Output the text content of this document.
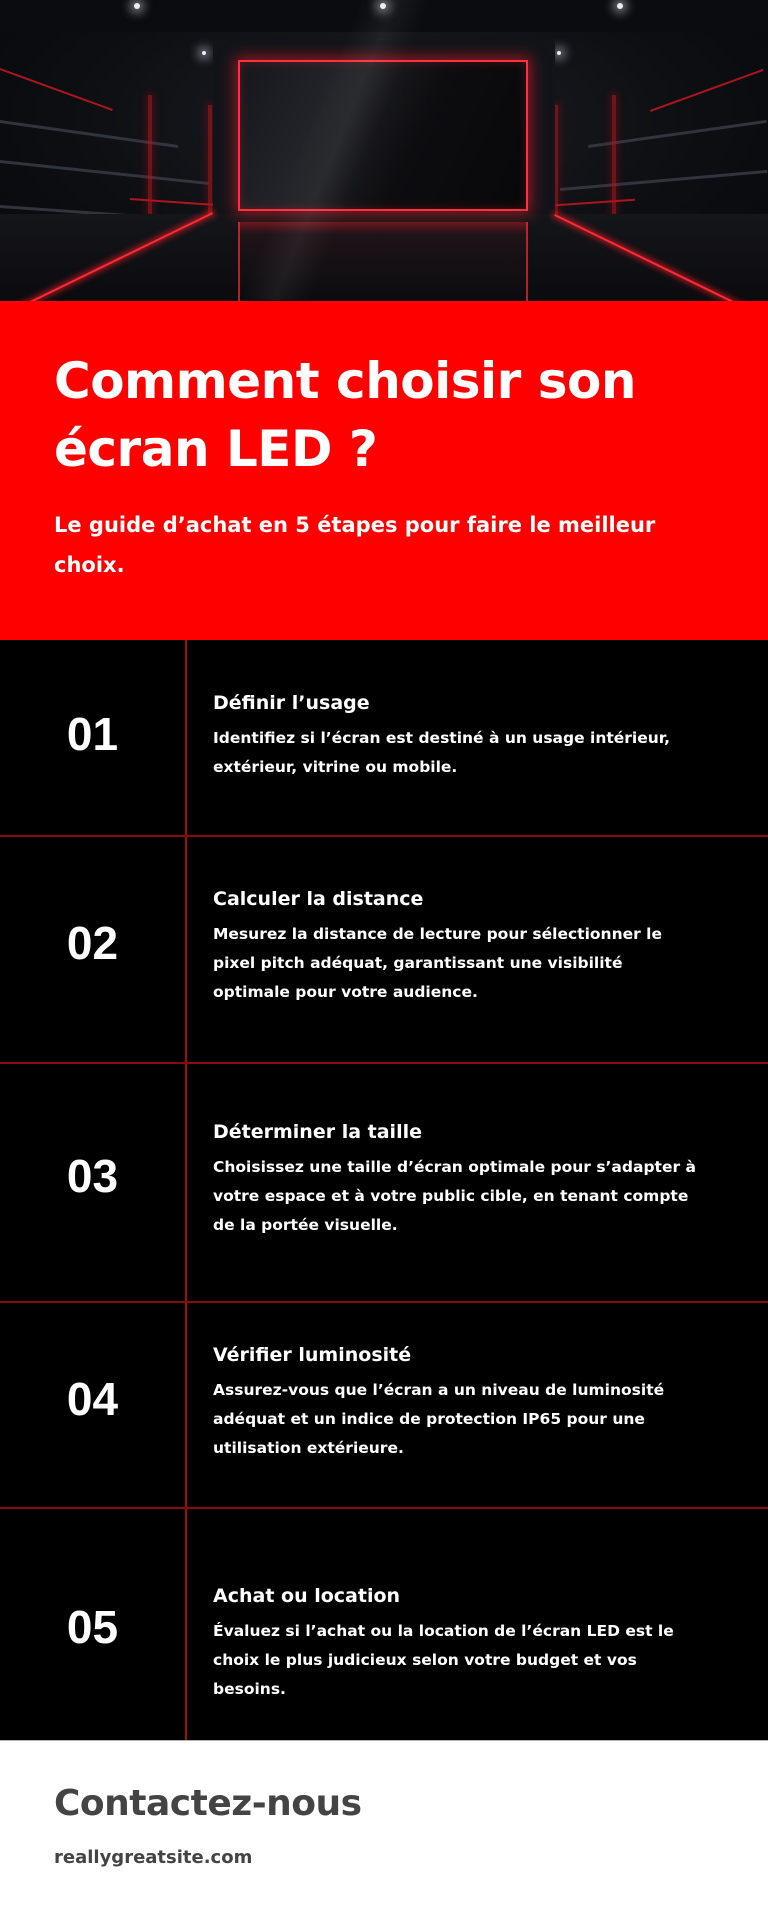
Comment choisir son
écran LED ?

Le guide d’achat en 5 étapes pour faire le meilleur choix.

01
Définir l’usage
Identifiez si l’écran est destiné à un usage intérieur, extérieur, vitrine ou mobile.
02
Calculer la distance
Mesurez la distance de lecture pour sélectionner le pixel pitch adéquat, garantissant une visibilité optimale pour votre audience.
03
Déterminer la taille
Choisissez une taille d’écran optimale pour s’adapter à votre espace et à votre public cible, en tenant compte de la portée visuelle.
04
Vérifier luminosité
Assurez-vous que l’écran a un niveau de luminosité adéquat et un indice de protection IP65 pour une utilisation extérieure.
05
Achat ou location
Évaluez si l’achat ou la location de l’écran LED est le choix le plus judicieux selon votre budget et vos besoins.
Contactez-nous
reallygreatsite.com
